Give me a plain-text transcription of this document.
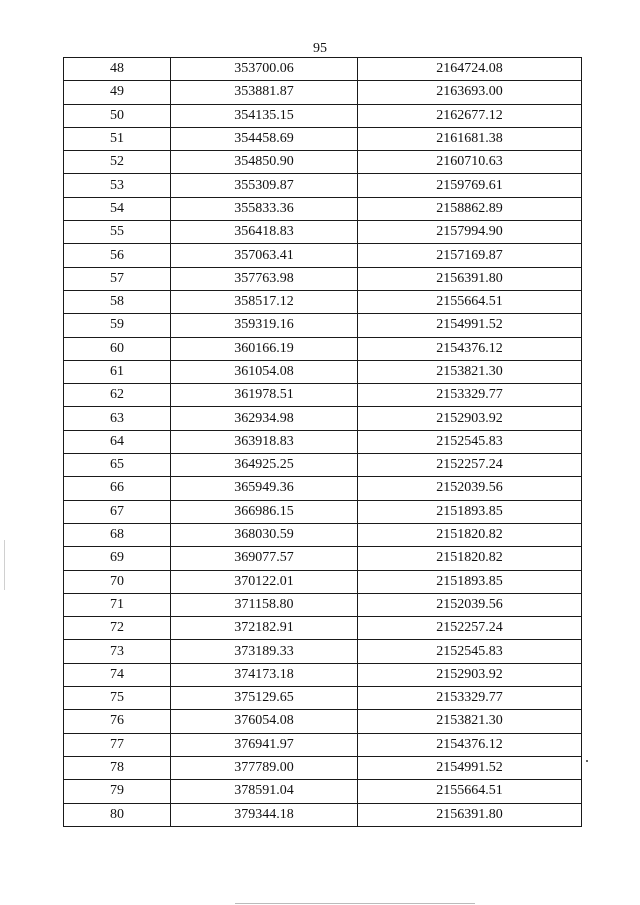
95
48	353700.06	2164724.08
49	353881.87	2163693.00
50	354135.15	2162677.12
51	354458.69	2161681.38
52	354850.90	2160710.63
53	355309.87	2159769.61
54	355833.36	2158862.89
55	356418.83	2157994.90
56	357063.41	2157169.87
57	357763.98	2156391.80
58	358517.12	2155664.51
59	359319.16	2154991.52
60	360166.19	2154376.12
61	361054.08	2153821.30
62	361978.51	2153329.77
63	362934.98	2152903.92
64	363918.83	2152545.83
65	364925.25	2152257.24
66	365949.36	2152039.56
67	366986.15	2151893.85
68	368030.59	2151820.82
69	369077.57	2151820.82
70	370122.01	2151893.85
71	371158.80	2152039.56
72	372182.91	2152257.24
73	373189.33	2152545.83
74	374173.18	2152903.92
75	375129.65	2153329.77
76	376054.08	2153821.30
77	376941.97	2154376.12
78	377789.00	2154991.52
79	378591.04	2155664.51
80	379344.18	2156391.80
